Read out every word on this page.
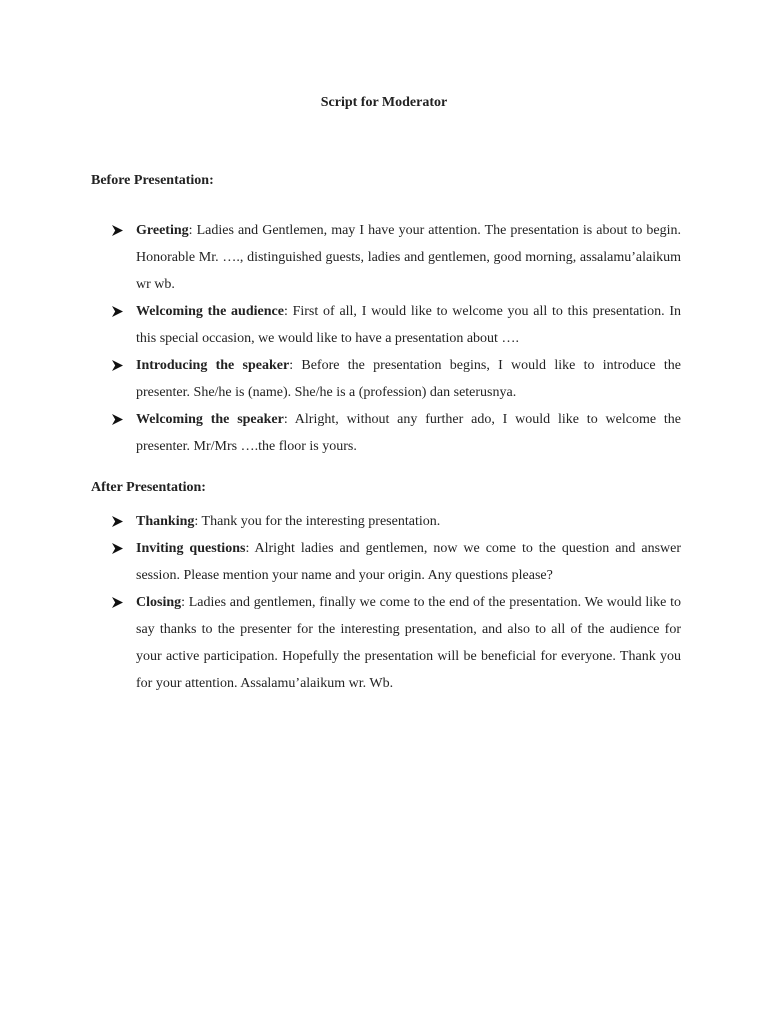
Script for Moderator

Before Presentation:

Greeting: Ladies and Gentlemen, may I have your attention. The presentation is about to begin. Honorable Mr. …., distinguished guests, ladies and gentlemen, good morning, assalamu’alaikum wr wb.
Welcoming the audience: First of all, I would like to welcome you all to this presentation. In this special occasion, we would like to have a presentation about ….
Introducing the speaker: Before the presentation begins, I would like to introduce the presenter. She/he is (name). She/he is a (profession) dan seterusnya.
Welcoming the speaker: Alright, without any further ado, I would like to welcome the presenter. Mr/Mrs ….the floor is yours.

After Presentation:

Thanking: Thank you for the interesting presentation.
Inviting questions: Alright ladies and gentlemen, now we come to the question and answer session. Please mention your name and your origin. Any questions please?
Closing: Ladies and gentlemen, finally we come to the end of the presentation. We would like to say thanks to the presenter for the interesting presentation, and also to all of the audience for your active participation. Hopefully the presentation will be beneficial for everyone. Thank you for your attention. Assalamu’alaikum wr. Wb.
